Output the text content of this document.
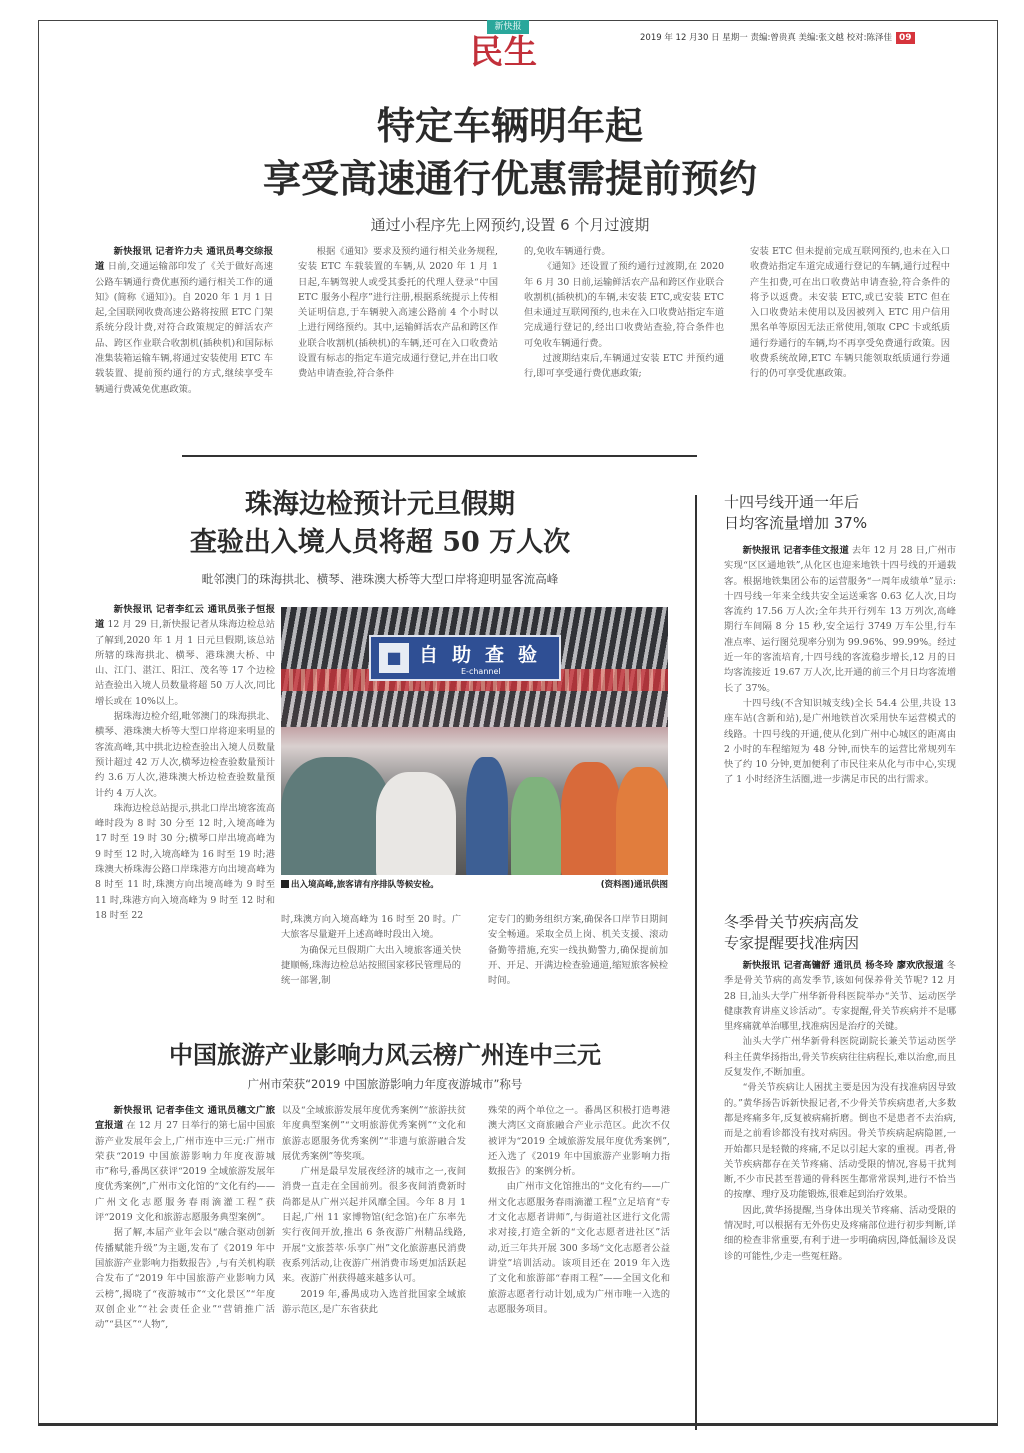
新快报
民生	2019 年 12 月30 日 星期一 责编:曾贵真 美编:张文越 校对:陈泽佳 09
特定车辆明年起
享受高速通行优惠需提前预约
通过小程序先上网预约,设置 6 个月过渡期

新快报讯 记者许力夫 通讯员粤交综报道 日前,交通运输部印发了《关于做好高速公路车辆通行费优惠预约通行相关工作的通知》(简称《通知》)。自 2020 年 1 月 1 日起,全国联网收费高速公路将按照 ETC 门架系统分段计费,对符合政策规定的鲜活农产品、跨区作业联合收割机(插秧机)和国际标准集装箱运输车辆,将通过安装使用 ETC 车载装置、提前预约通行的方式,继续享受车辆通行费减免优惠政策。

根据《通知》要求及预约通行相关业务规程,安装 ETC 车载装置的车辆,从 2020 年 1 月 1 日起,车辆驾驶人或受其委托的代理人登录“中国 ETC 服务小程序”进行注册,根据系统提示上传相关证明信息,于车辆驶入高速公路前 4 个小时以上进行网络预约。其中,运输鲜活农产品和跨区作业联合收割机(插秧机)的车辆,还可在入口收费站设置有标志的指定车道完成通行登记,并在出口收费站申请查验,符合条件

的,免收车辆通行费。

《通知》还设置了预约通行过渡期,在 2020 年 6 月 30 日前,运输鲜活农产品和跨区作业联合收割机(插秧机)的车辆,未安装 ETC,或安装 ETC 但未通过互联网预约,也未在入口收费站指定车道完成通行登记的,经出口收费站查验,符合条件也可免收车辆通行费。

过渡期结束后,车辆通过安装 ETC 并预约通行,即可享受通行费优惠政策;

安装 ETC 但未提前完成互联网预约,也未在入口收费站指定车道完成通行登记的车辆,通行过程中产生扣费,可在出口收费站申请查验,符合条件的将予以返费。未安装 ETC,或已安装 ETC 但在入口收费站未使用以及因被列入 ETC 用户信用黑名单等原因无法正常使用,领取 CPC 卡或纸质通行券通行的车辆,均不再享受免费通行政策。因收费系统故障,ETC 车辆只能领取纸质通行券通行的仍可享受优惠政策。

珠海边检预计元旦假期
查验出入境人员将超 50 万人次
毗邻澳门的珠海拱北、横琴、港珠澳大桥等大型口岸将迎明显客流高峰

新快报讯 记者李红云 通讯员张子恒报道 12 月 29 日,新快报记者从珠海边检总站了解到,2020 年 1 月 1 日元旦假期,该总站所辖的珠海拱北、横琴、港珠澳大桥、中山、江门、湛江、阳江、茂名等 17 个边检站查验出入境人员数量将超 50 万人次,同比增长或在 10%以上。

据珠海边检介绍,毗邻澳门的珠海拱北、横琴、港珠澳大桥等大型口岸将迎来明显的客流高峰,其中拱北边检查验出入境人员数量预计超过 42 万人次,横琴边检查验数量预计约 3.6 万人次,港珠澳大桥边检查验数量预计约 4 万人次。

珠海边检总站提示,拱北口岸出境客流高峰时段为 8 时 30 分至 12 时,入境高峰为 17 时至 19 时 30 分;横琴口岸出境高峰为 9 时至 12 时,入境高峰为 16 时至 19 时;港珠澳大桥珠海公路口岸珠港方向出境高峰为 8 时至 11 时,珠澳方向出境高峰为 9 时至 11 时,珠港方向入境高峰为 9 时至 12 时和 18 时至 22

■ 自助查验
E-channel
出入境高峰,旅客请有序排队等候安检。	(资料图)通讯供图

时,珠澳方向入境高峰为 16 时至 20 时。广大旅客尽量避开上述高峰时段出入境。

为确保元旦假期广大出入境旅客通关快捷顺畅,珠海边检总站按照国家移民管理局的统一部署,制

定专门的勤务组织方案,确保各口岸节日期间安全畅通。采取全员上岗、机关支援、滚动备勤等措施,充实一线执勤警力,确保提前加开、开足、开满边检查验通道,缩短旅客候检时间。

中国旅游产业影响力风云榜广州连中三元
广州市荣获“2019 中国旅游影响力年度夜游城市”称号

新快报讯 记者李佳文 通讯员穗文广旅宣报道 在 12 月 27 日举行的第七届中国旅游产业发展年会上,广州市连中三元:广州市荣获“2019 中国旅游影响力年度夜游城市”称号,番禺区获评“2019 全域旅游发展年度优秀案例”,广州市文化馆的“文化有约——广州文化志愿服务春雨滴灌工程”获评“2019 文化和旅游志愿服务典型案例”。

据了解,本届产业年会以“融合驱动创新 传播赋能升级”为主题,发布了《2019 年中国旅游产业影响力指数报告》,与有关机构联合发布了“2019 年中国旅游产业影响力风云榜”,揭晓了“夜游城市”“文化景区”“年度双创企业”“社会责任企业”“营销推广活动”“县区”“人物”,

以及“全域旅游发展年度优秀案例”“旅游扶贫年度典型案例”“文明旅游优秀案例”“文化和旅游志愿服务优秀案例”“非遗与旅游融合发展优秀案例”等奖项。

广州是最早发展夜经济的城市之一,夜间消费一直走在全国前列。很多夜间消费新时尚都是从广州兴起并风靡全国。今年 8 月 1 日起,广州 11 家博物馆(纪念馆)在广东率先实行夜间开放,推出 6 条夜游广州精品线路,开展“文旅荟萃·乐享广州”文化旅游惠民消费夜系列活动,让夜游广州消费市场更加活跃起来。夜游广州获得越来越多认可。

2019 年,番禺成功入选首批国家全域旅游示范区,是广东省获此

殊荣的两个单位之一。番禺区积极打造粤港澳大湾区文商旅融合产业示范区。此次不仅被评为“2019 全域旅游发展年度优秀案例”,还入选了《2019 年中国旅游产业影响力指数报告》的案例分析。

由广州市文化馆推出的“文化有约——广州文化志愿服务春雨滴灌工程”立足培育“专才文化志愿者讲师”,与街道社区进行文化需求对接,打造全新的“文化志愿者进社区”活动,近三年共开展 300 多场“文化志愿者公益讲堂”培训活动。该项目还在 2019 年入选了文化和旅游部“春雨工程”——全国文化和旅游志愿者行动计划,成为广州市唯一入选的志愿服务项目。

十四号线开通一年后
日均客流量增加 37%

新快报讯 记者李佳文报道 去年 12 月 28 日,广州市实现“区区通地铁”,从化区也迎来地铁十四号线的开通载客。根据地铁集团公布的运营服务“一周年成绩单”显示:十四号线一年来全线共安全运送乘客 0.63 亿人次,日均客流约 17.56 万人次;全年共开行列车 13 万列次,高峰期行车间隔 8 分 15 秒,安全运行 3749 万车公里,行车准点率、运行图兑现率分别为 99.96%、99.99%。经过近一年的客流培育,十四号线的客流稳步增长,12 月的日均客流接近 19.67 万人次,比开通的前三个月日均客流增长了 37%。

十四号线(不含知识城支线)全长 54.4 公里,共设 13 座车站(含新和站),是广州地铁首次采用快车运营模式的线路。十四号线的开通,使从化到广州中心城区的距离由 2 小时的车程缩短为 48 分钟,而快车的运营比常规列车快了约 10 分钟,更加便利了市民往来从化与市中心,实现了 1 小时经济生活圈,进一步满足市民的出行需求。

冬季骨关节疾病高发
专家提醒要找准病因

新快报讯 记者高镛舒 通讯员 杨冬玲 廖欢欣报道 冬季是骨关节病的高发季节,该如何保养骨关节呢? 12 月 28 日,汕头大学广州华新骨科医院举办“关节、运动医学健康教育讲座义诊活动”。专家提醒,骨关节疾病并不是哪里疼痛就单治哪里,找准病因是治疗的关键。

汕头大学广州华新骨科医院副院长兼关节运动医学科主任黄华扬指出,骨关节疾病往往病程长,难以治愈,而且反复发作,不断加重。

“骨关节疾病让人困扰主要是因为没有找准病因导致的。”黄华扬告诉新快报记者,不少骨关节疾病患者,大多数都是疼痛多年,反复被病痛折磨。倒也不是患者不去治病,而是之前看诊都没有找对病因。骨关节疾病起病隐匿,一开始都只是轻微的疼痛,不足以引起大家的重视。再者,骨关节疾病都存在关节疼痛、活动受限的情况,容易干扰判断,不少市民甚至普通的骨科医生都常常误判,进行不恰当的按摩、理疗及功能锻炼,很难起到治疗效果。

因此,黄华扬提醒,当身体出现关节疼痛、活动受限的情况时,可以根据有无外伤史及疼痛部位进行初步判断,详细的检查非常重要,有利于进一步明确病因,降低漏诊及误诊的可能性,少走一些冤枉路。
